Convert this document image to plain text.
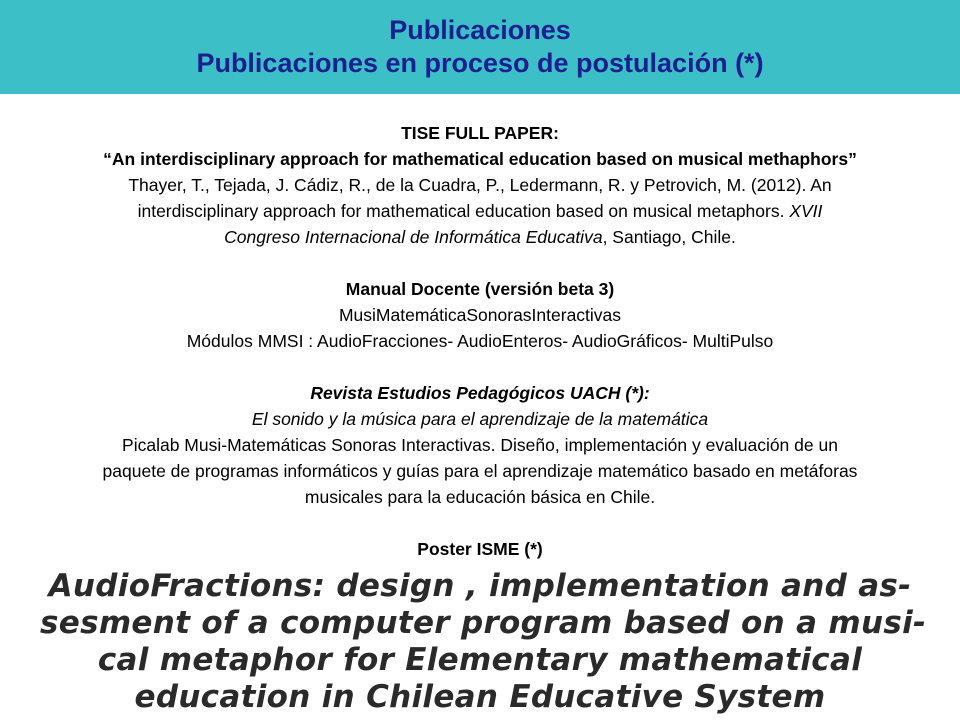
Publicaciones
Publicaciones en proceso de postulación (*)
TISE FULL PAPER:
“An interdisciplinary approach for mathematical education based on musical methaphors”
Thayer, T., Tejada, J. Cádiz, R., de la Cuadra, P., Ledermann, R. y Petrovich, M. (2012). An
interdisciplinary approach for mathematical education based on musical metaphors. XVII
Congreso Internacional de Informática Educativa, Santiago, Chile.
Manual Docente (versión beta 3)
MusiMatemáticaSonorasInteractivas
Módulos MMSI : AudioFracciones- AudioEnteros- AudioGráficos- MultiPulso
Revista Estudios Pedagógicos UACH (*):
El sonido y la música para el aprendizaje de la matemática
Picalab Musi-Matemáticas Sonoras Interactivas. Diseño, implementación y evaluación de un
paquete de programas informáticos y guías para el aprendizaje matemático basado en metáforas
musicales para la educación básica en Chile.
Poster ISME (*)
AudioFractions: design , implementation and as-
sesment of a computer program based on a musi-
cal metaphor for Elementary mathematical
education in Chilean Educative System
